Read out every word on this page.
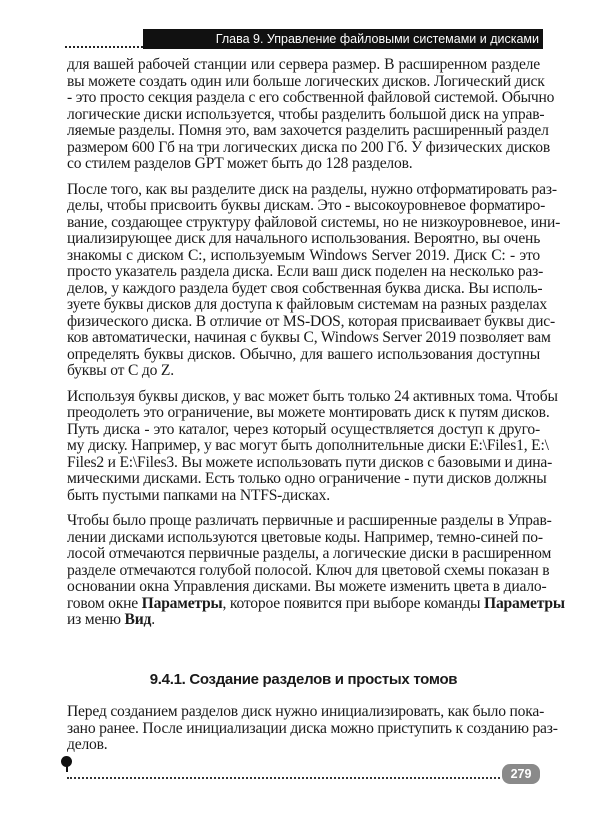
Глава 9. Управление файловыми системами и дисками
для вашей рабочей станции или сервера размер. В расширенном разделе
вы можете создать один или больше логических дисков. Логический диск
- это просто секция раздела с его собственной файловой системой. Обычно
логические диски используется, чтобы разделить большой диск на управ-
ляемые разделы. Помня это, вам захочется разделить расширенный раздел
размером 600 Гб на три логических диска по 200 Гб. У физических дисков
со стилем разделов GPT может быть до 128 разделов.
После того, как вы разделите диск на разделы, нужно отформатировать раз-
делы, чтобы присвоить буквы дискам. Это - высокоуровневое форматиро-
вание, создающее структуру файловой системы, но не низкоуровневое, ини-
циализирующее диск для начального использования. Вероятно, вы очень
знакомы с диском C:, используемым Windows Server 2019. Диск C: - это
просто указатель раздела диска. Если ваш диск поделен на несколько раз-
делов, у каждого раздела будет своя собственная буква диска. Вы исполь-
зуете буквы дисков для доступа к файловым системам на разных разделах
физического диска. В отличие от MS-DOS, которая присваивает буквы дис-
ков автоматически, начиная с буквы C, Windows Server 2019 позволяет вам
определять буквы дисков. Обычно, для вашего использования доступны
буквы от C до Z.
Используя буквы дисков, у вас может быть только 24 активных тома. Чтобы
преодолеть это ограничение, вы можете монтировать диск к путям дисков.
Путь диска - это каталог, через который осуществляется доступ к друго-
му диску. Например, у вас могут быть дополнительные диски E:\Files1, E:\
Files2 и E:\Files3. Вы можете использовать пути дисков с базовыми и дина-
мическими дисками. Есть только одно ограничение - пути дисков должны
быть пустыми папками на NTFS-дисках.
Чтобы было проще различать первичные и расширенные разделы в Управ-
лении дисками используются цветовые коды. Например, темно-синей по-
лосой отмечаются первичные разделы, а логические диски в расширенном
разделе отмечаются голубой полосой. Ключ для цветовой схемы показан в
основании окна Управления дисками. Вы можете изменить цвета в диало-
говом окне Параметры, которое появится при выборе команды Параметры
из меню Вид.
9.4.1. Создание разделов и простых томов
Перед созданием разделов диск нужно инициализировать, как было пока-
зано ранее. После инициализации диска можно приступить к созданию раз-
делов.
279
